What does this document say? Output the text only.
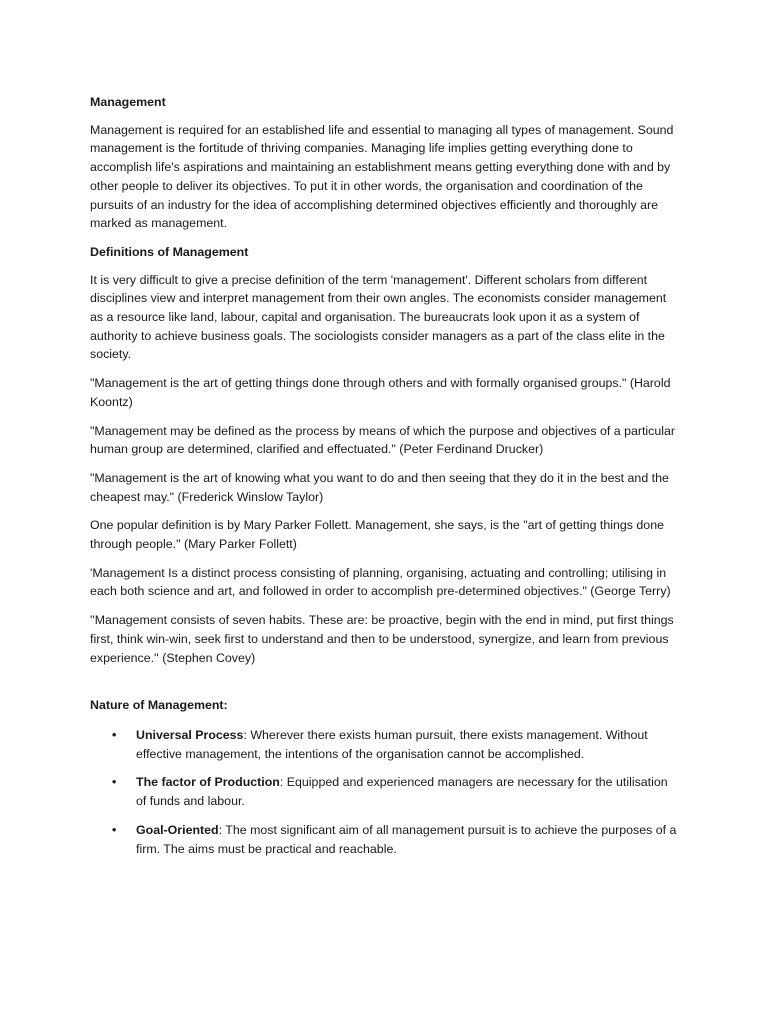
Management

Management is required for an established life and essential to managing all types of management. Sound management is the fortitude of thriving companies. Managing life implies getting everything done to accomplish life's aspirations and maintaining an establishment means getting everything done with and by other people to deliver its objectives. To put it in other words, the organisation and coordination of the pursuits of an industry for the idea of accomplishing determined objectives efficiently and thoroughly are marked as management.

Definitions of Management

It is very difficult to give a precise definition of the term 'management'. Different scholars from different disciplines view and interpret management from their own angles. The economists consider management as a resource like land, labour, capital and organisation. The bureaucrats look upon it as a system of authority to achieve business goals. The sociologists consider managers as a part of the class elite in the society.

"Management is the art of getting things done through others and with formally organised groups." (Harold Koontz)

"Management may be defined as the process by means of which the purpose and objectives of a particular human group are determined, clarified and effectuated." (Peter Ferdinand Drucker)

"Management is the art of knowing what you want to do and then seeing that they do it in the best and the cheapest may." (Frederick Winslow Taylor)

One popular definition is by Mary Parker Follett. Management, she says, is the "art of getting things done through people." (Mary Parker Follett)

'Management Is a distinct process consisting of planning, organising, actuating and controlling; utilising in each both science and art, and followed in order to accomplish pre-determined objectives." (George Terry)

''Management consists of seven habits. These are: be proactive, begin with the end in mind, put first things first, think win-win, seek first to understand and then to be understood, synergize, and learn from previous experience.'' (Stephen Covey)

Nature of Management:
• Universal Process: Wherever there exists human pursuit, there exists management. Without effective management, the intentions of the organisation cannot be accomplished.
• The factor of Production: Equipped and experienced managers are necessary for the utilisation of funds and labour.
• Goal-Oriented: The most significant aim of all management pursuit is to achieve the purposes of a firm. The aims must be practical and reachable.
